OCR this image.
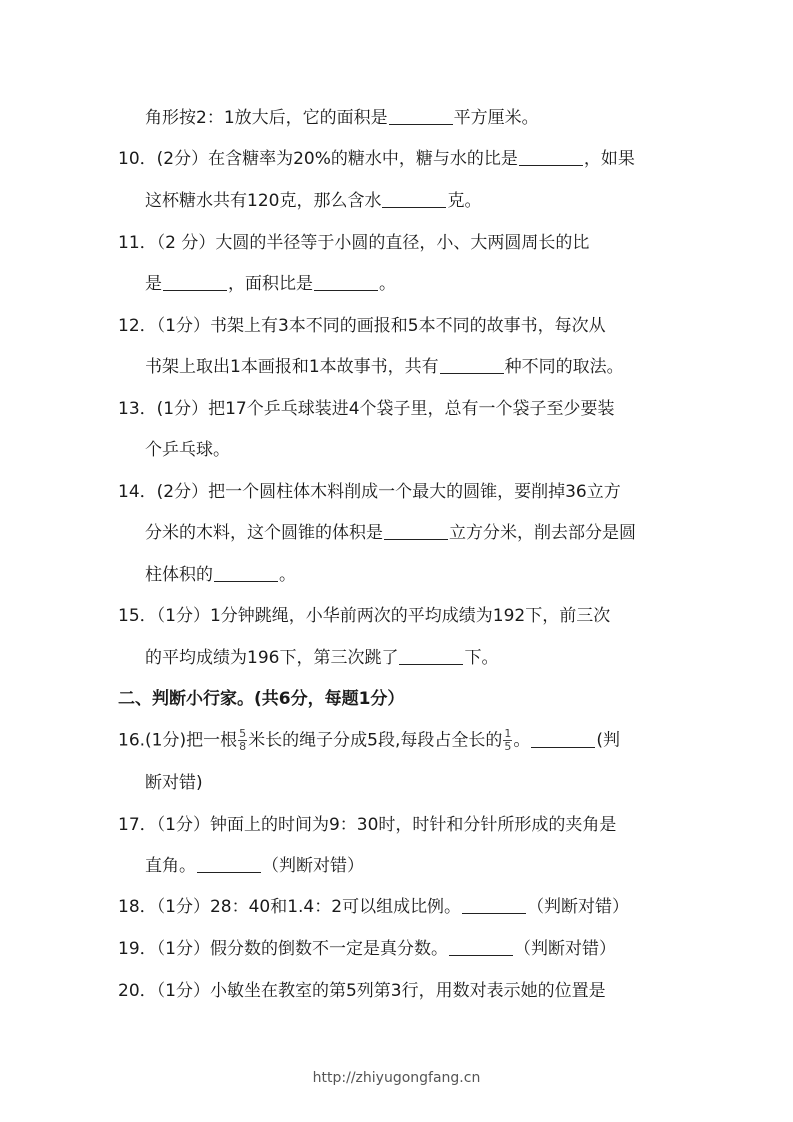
角形按2：1放大后，它的面积是	平方厘米。
10．(2分）在含糖率为20%的糖水中，糖与水的比是	，如果
这杯糖水共有120克，那么含水	克。
11．（2 分）大圆的半径等于小圆的直径，小、大两圆周长的比
是	，面积比是	。
12．（1分）书架上有3本不同的画报和5本不同的故事书，每次从
书架上取出1本画报和1本故事书，共有	种不同的取法。
13．(1分）把17个乒乓球装进4个袋子里，总有一个袋子至少要装
个乒乓球。
14．(2分）把一个圆柱体木料削成一个最大的圆锥，要削掉36立方
分米的木料，这个圆锥的体积是	立方分米，削去部分是圆
柱体积的	。
15．（1分）1分钟跳绳，小华前两次的平均成绩为192下，前三次
的平均成绩为196下，第三次跳了	下。
二、判断小行家。(共6分，每题1分）
16.(1分)把一根 $\frac{5}{8}$ 米长的绳子分成5段,每段占全长的 $\frac{1}{5}$ 。	(判
断对错)
17．（1分）钟面上的时间为9：30时，时针和分针所形成的夹角是
直角。	（判断对错）
18．（1分）28：40和1.4：2可以组成比例。	（判断对错）
19．（1分）假分数的倒数不一定是真分数。	（判断对错）
20．（1分）小敏坐在教室的第5列第3行，用数对表示她的位置是
http://zhiyugongfang.cn
